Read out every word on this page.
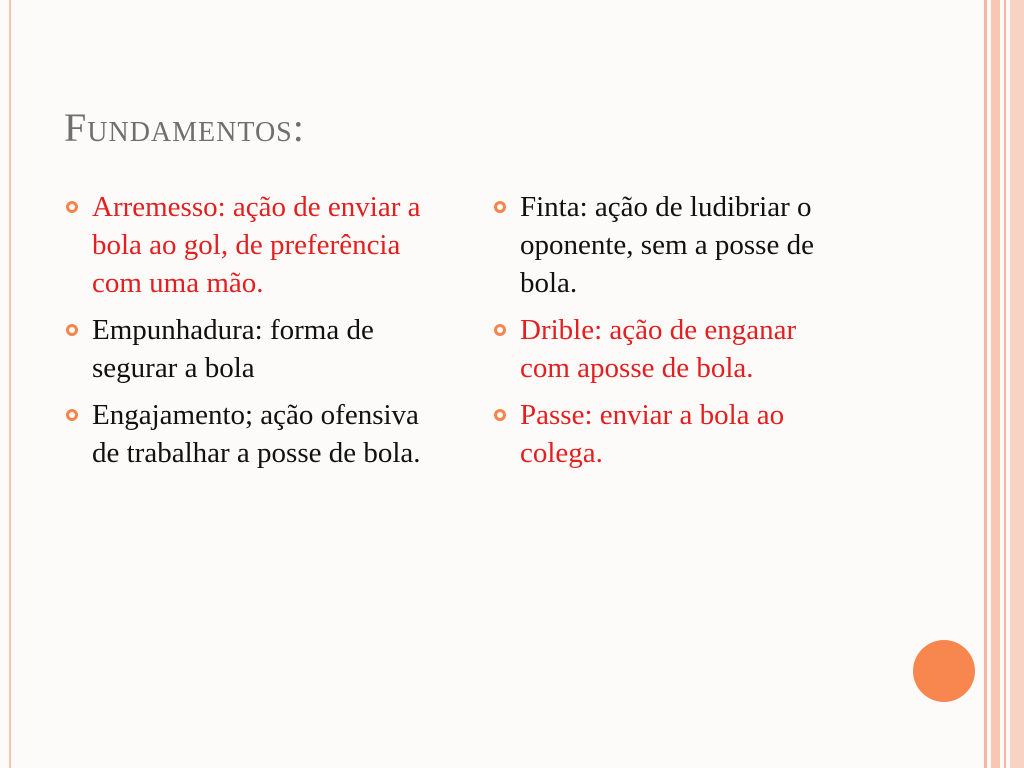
Fundamentos:
Arremesso: ação de enviar a bola ao gol, de preferência com uma mão.
Empunhadura: forma de segurar a bola
Engajamento; ação ofensiva de trabalhar a posse de bola.
Finta: ação de ludibriar o oponente, sem a posse de bola.
Drible: ação de enganar com aposse de bola.
Passe: enviar a bola ao colega.
